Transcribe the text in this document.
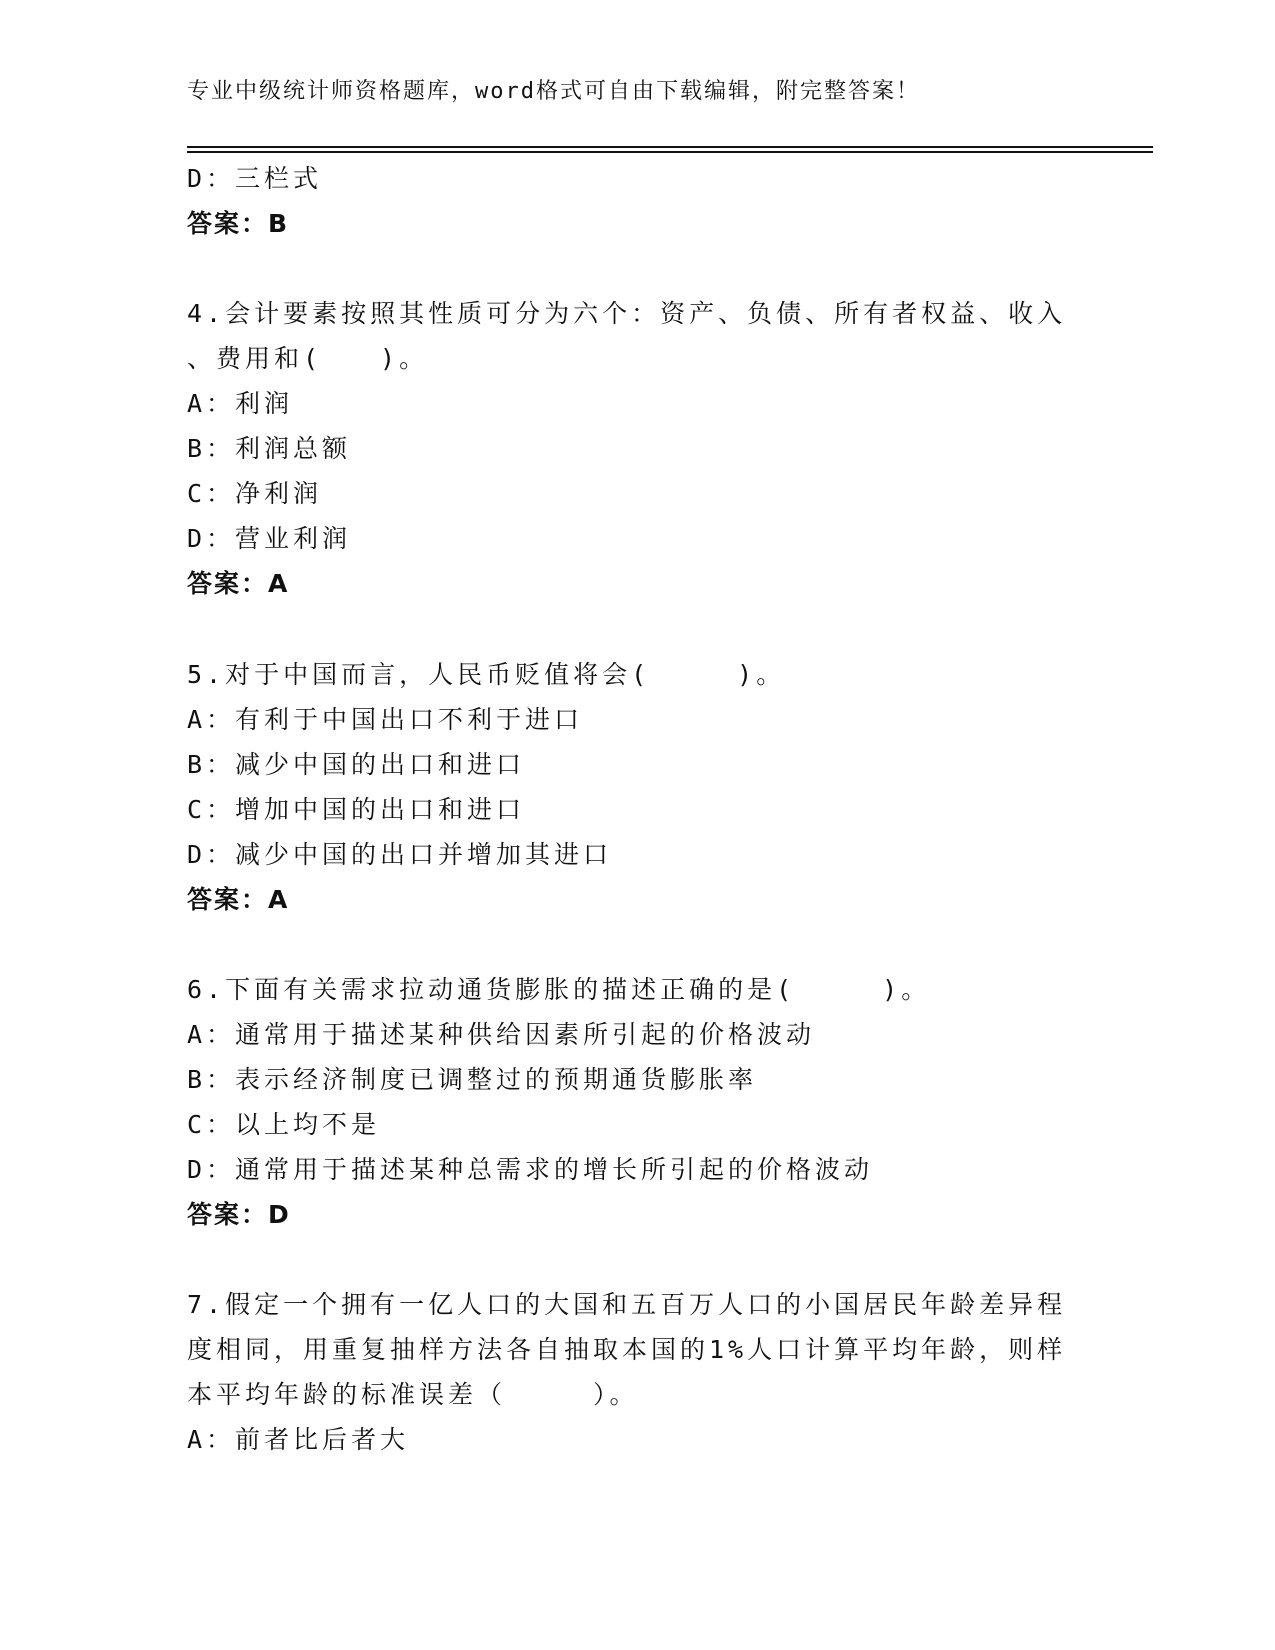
专业中级统计师资格题库，word格式可自由下载编辑，附完整答案！
D：三栏式
答案：B
4.会计要素按照其性质可分为六个：资产、负债、所有者权益、收入
、费用和(　　)。
A：利润
B：利润总额
C：净利润
D：营业利润
答案：A
5.对于中国而言，人民币贬值将会(　　　)。
A：有利于中国出口不利于进口
B：减少中国的出口和进口
C：增加中国的出口和进口
D：减少中国的出口并增加其进口
答案：A
6.下面有关需求拉动通货膨胀的描述正确的是(　　　)。
A：通常用于描述某种供给因素所引起的价格波动
B：表示经济制度已调整过的预期通货膨胀率
C：以上均不是
D：通常用于描述某种总需求的增长所引起的价格波动
答案：D
7.假定一个拥有一亿人口的大国和五百万人口的小国居民年龄差异程
度相同，用重复抽样方法各自抽取本国的1%人口计算平均年龄，则样
本平均年龄的标准误差（　　　）。
A：前者比后者大
